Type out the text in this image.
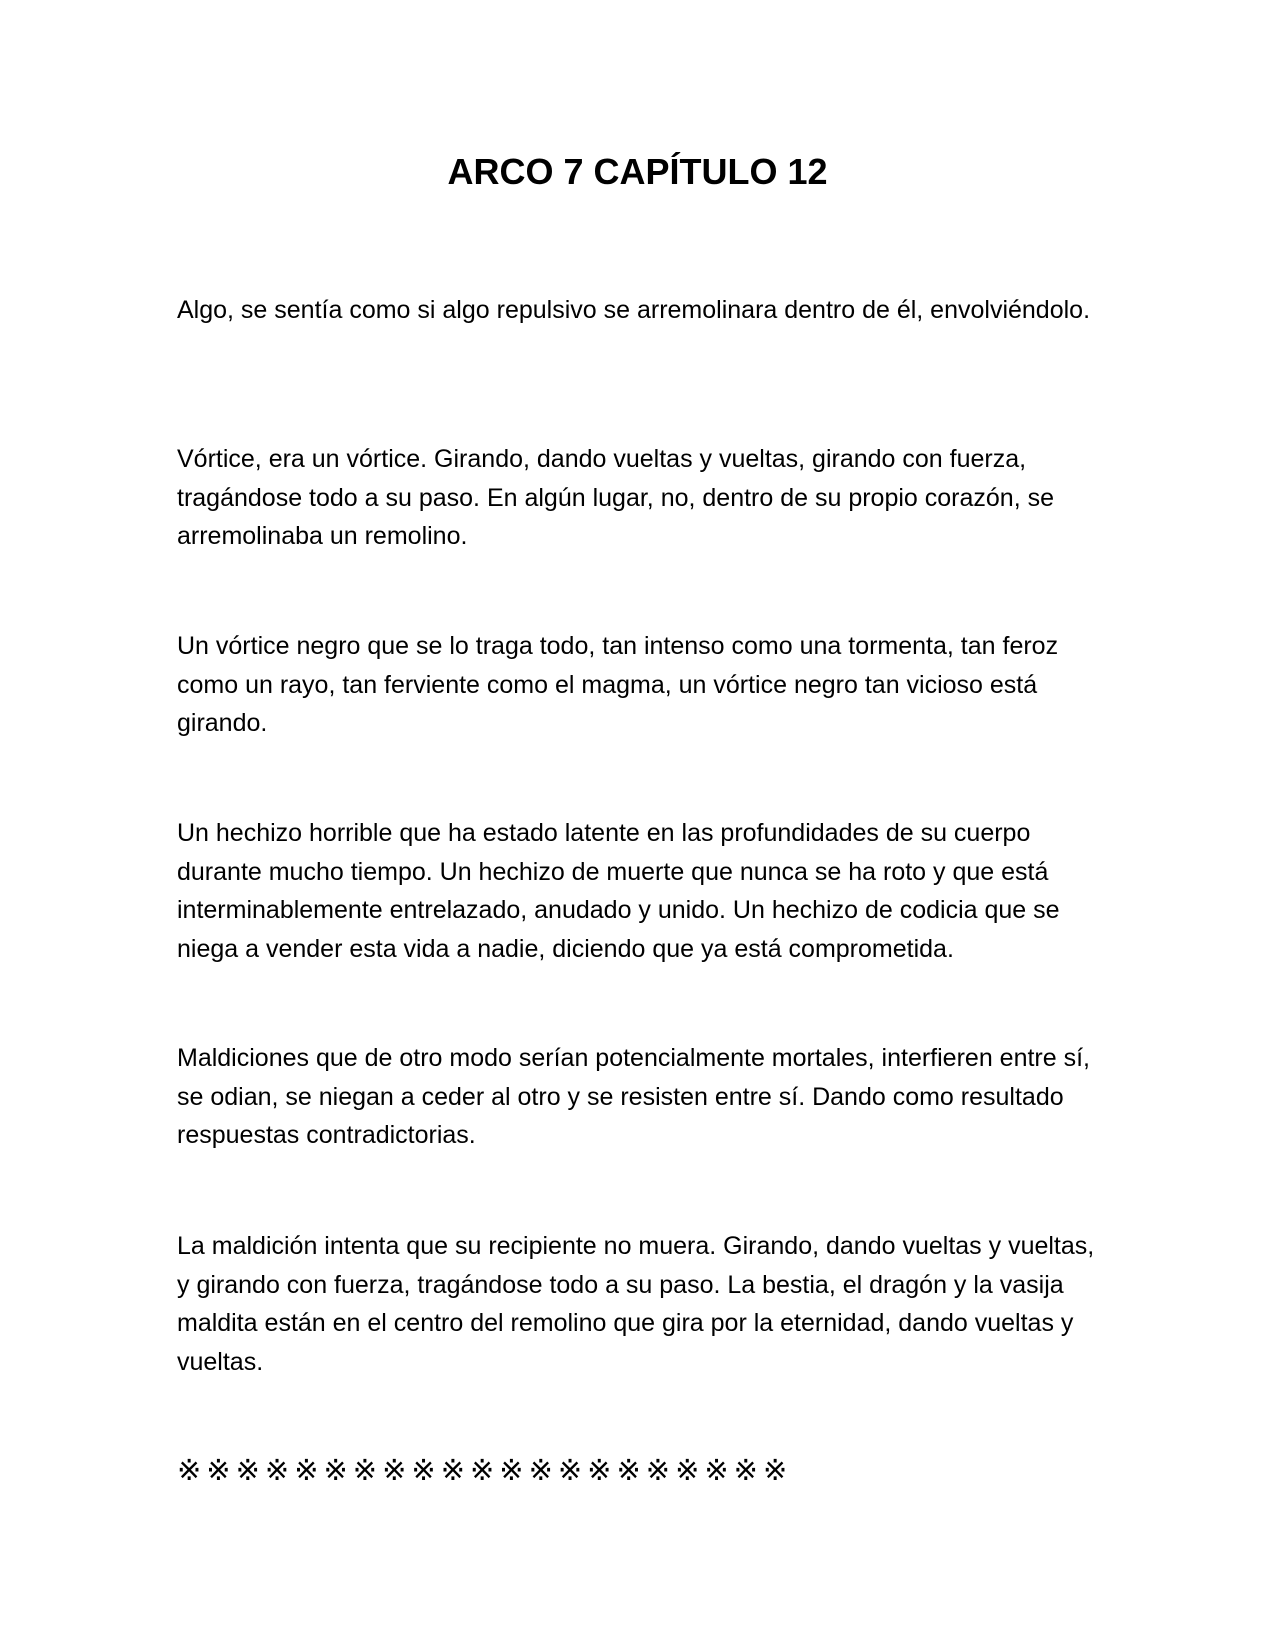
ARCO 7 CAPÍTULO 12

Algo, se sentía como si algo repulsivo se arremolinara dentro de él, envolviéndolo.

Vórtice, era un vórtice. Girando, dando vueltas y vueltas, girando con fuerza, tragándose todo a su paso. En algún lugar, no, dentro de su propio corazón, se arremolinaba un remolino.

Un vórtice negro que se lo traga todo, tan intenso como una tormenta, tan feroz como un rayo, tan ferviente como el magma, un vórtice negro tan vicioso está girando.

Un hechizo horrible que ha estado latente en las profundidades de su cuerpo durante mucho tiempo. Un hechizo de muerte que nunca se ha roto y que está interminablemente entrelazado, anudado y unido. Un hechizo de codicia que se niega a vender esta vida a nadie, diciendo que ya está comprometida.

Maldiciones que de otro modo serían potencialmente mortales, interfieren entre sí, se odian, se niegan a ceder al otro y se resisten entre sí. Dando como resultado respuestas contradictorias.

La maldición intenta que su recipiente no muera. Girando, dando vueltas y vueltas, y girando con fuerza, tragándose todo a su paso. La bestia, el dragón y la vasija maldita están en el centro del remolino que gira por la eternidad, dando vueltas y vueltas.

※※※※※※※※※※※※※※※※※※※※※
